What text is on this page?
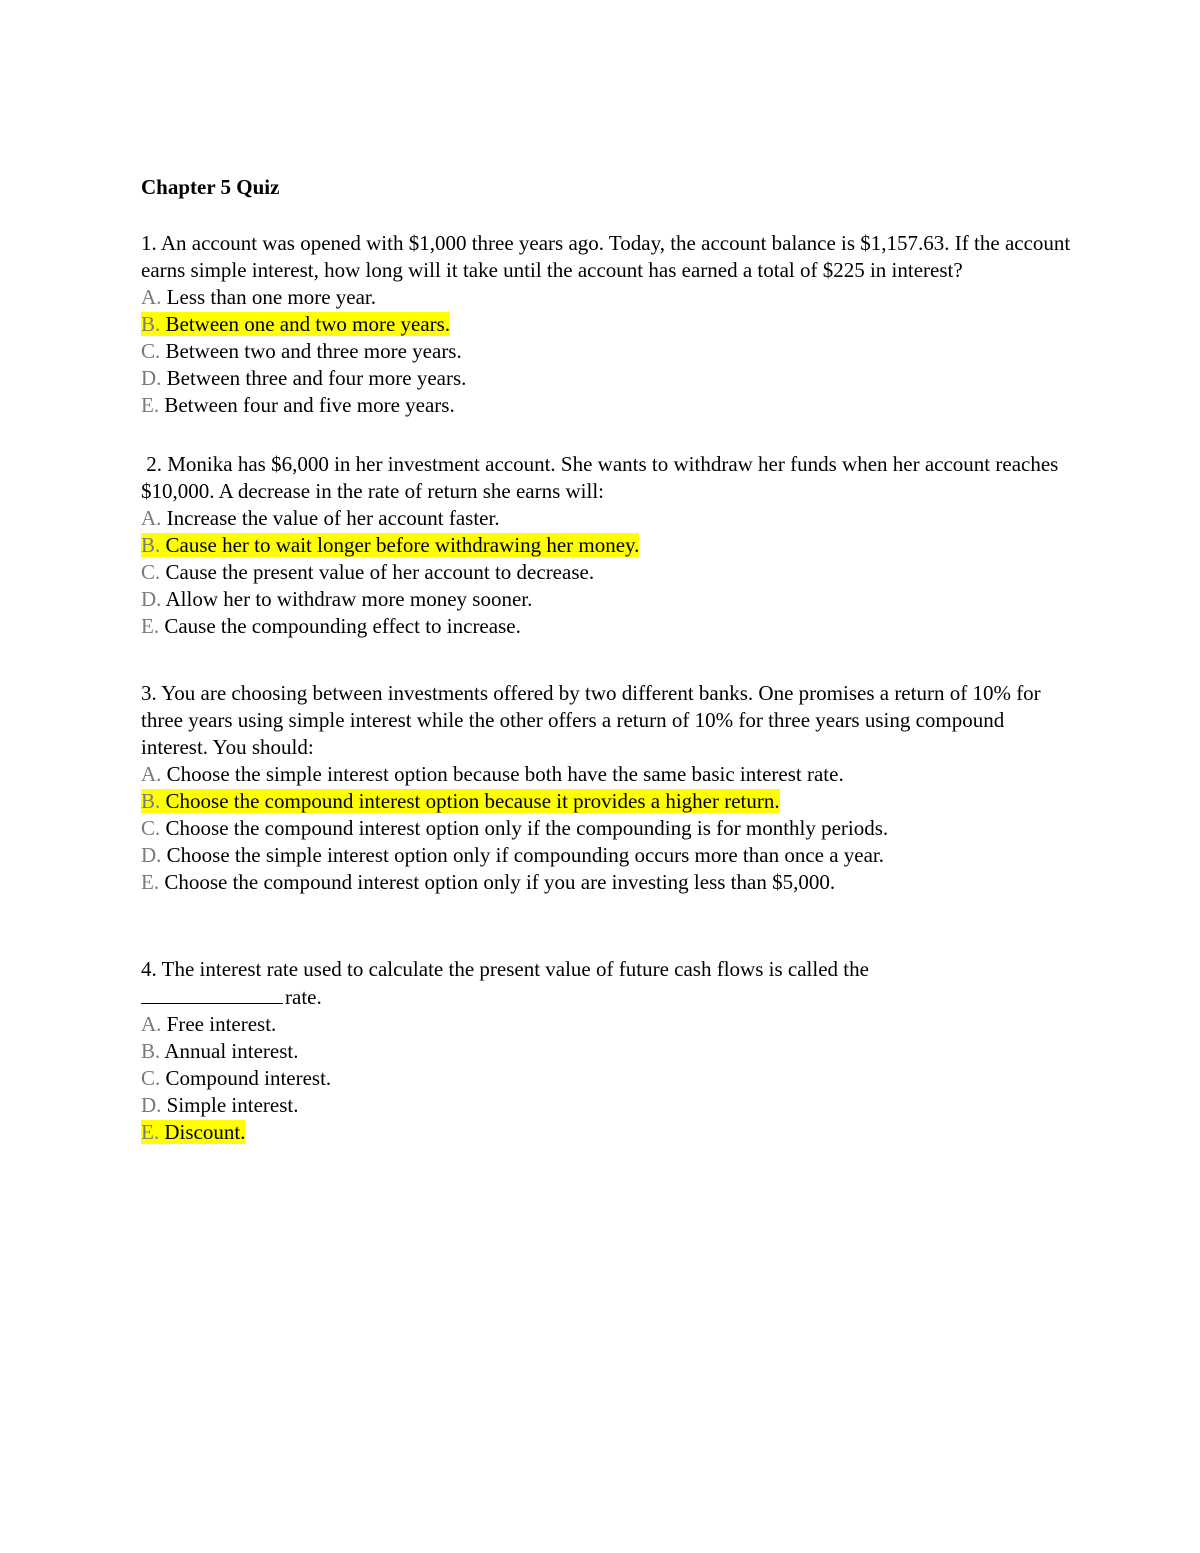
Chapter 5 Quiz

1. An account was opened with $1,000 three years ago. Today, the account balance is $1,157.63. If the account earns simple interest, how long will it take until the account has earned a total of $225 in interest?

A. Less than one more year.
B. Between one and two more years.
C. Between two and three more years.
D. Between three and four more years.
E. Between four and five more years.

2. Monika has $6,000 in her investment account. She wants to withdraw her funds when her account reaches $10,000. A decrease in the rate of return she earns will:

A. Increase the value of her account faster.
B. Cause her to wait longer before withdrawing her money.
C. Cause the present value of her account to decrease.
D. Allow her to withdraw more money sooner.
E. Cause the compounding effect to increase.

3. You are choosing between investments offered by two different banks. One promises a return of 10% for three years using simple interest while the other offers a return of 10% for three years using compound interest. You should:

A. Choose the simple interest option because both have the same basic interest rate.
B. Choose the compound interest option because it provides a higher return.
C. Choose the compound interest option only if the compounding is for monthly periods.
D. Choose the simple interest option only if compounding occurs more than once a year.
E. Choose the compound interest option only if you are investing less than $5,000.

4. The interest rate used to calculate the present value of future cash flows is called the
rate.

A. Free interest.
B. Annual interest.
C. Compound interest.
D. Simple interest.
E. Discount.
